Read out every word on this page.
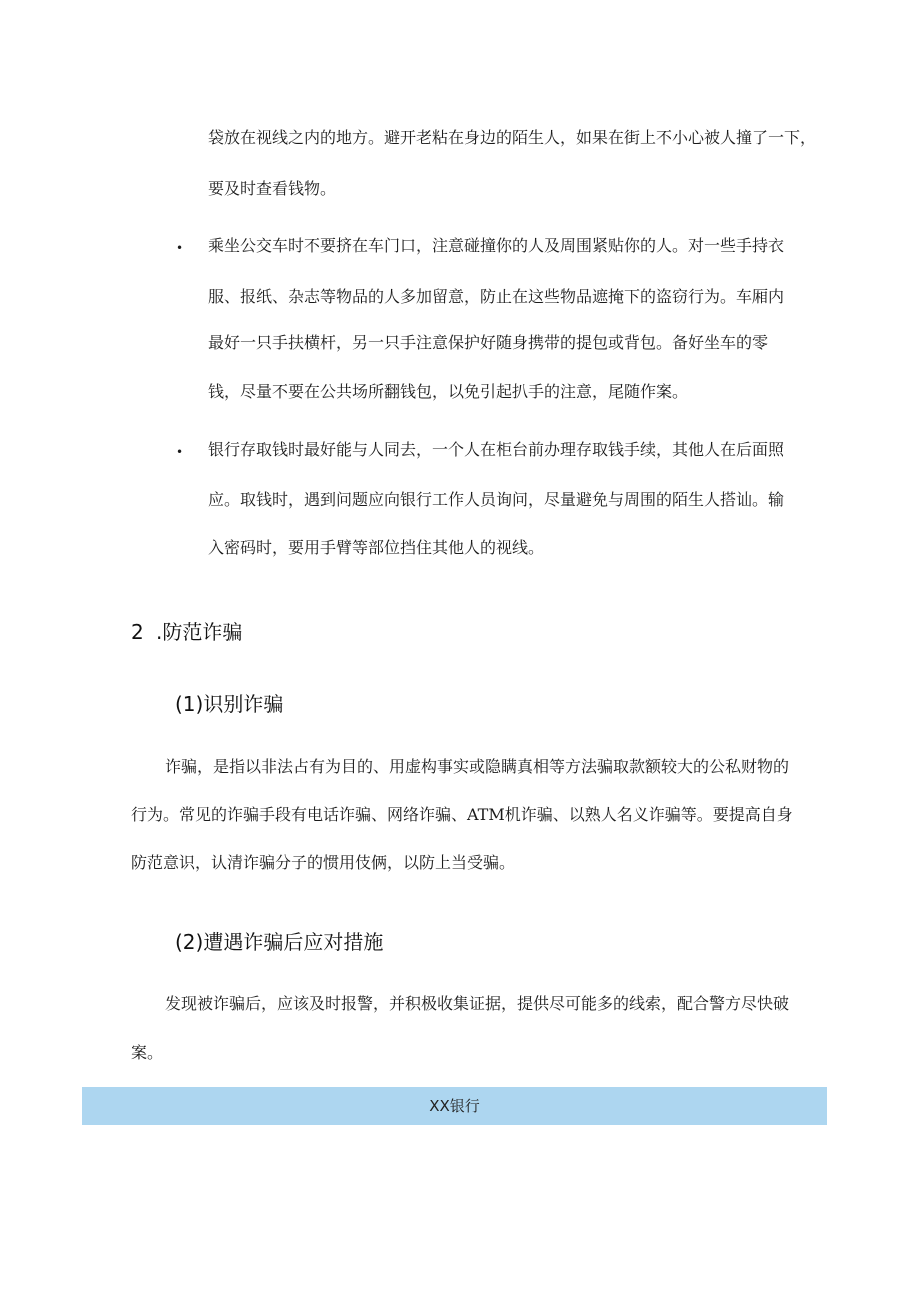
袋放在视线之内的地方。避开老粘在身边的陌生人，如果在街上不小心被人撞了一下，
要及时查看钱物。
• 乘坐公交车时不要挤在车门口，注意碰撞你的人及周围紧贴你的人。对一些手持衣
服、报纸、杂志等物品的人多加留意，防止在这些物品遮掩下的盗窃行为。车厢内
最好一只手扶横杆，另一只手注意保护好随身携带的提包或背包。备好坐车的零
钱，尽量不要在公共场所翻钱包，以免引起扒手的注意，尾随作案。
• 银行存取钱时最好能与人同去，一个人在柜台前办理存取钱手续，其他人在后面照
应。取钱时，遇到问题应向银行工作人员询问，尽量避免与周围的陌生人搭讪。输
入密码时，要用手臂等部位挡住其他人的视线。
2 .防范诈骗
(1)识别诈骗
诈骗，是指以非法占有为目的、用虚构事实或隐瞒真相等方法骗取款额较大的公私财物的
行为。常见的诈骗手段有电话诈骗、网络诈骗、ATM机诈骗、以熟人名义诈骗等。要提高自身
防范意识，认清诈骗分子的惯用伎俩，以防上当受骗。
(2)遭遇诈骗后应对措施
发现被诈骗后，应该及时报警，并积极收集证据，提供尽可能多的线索，配合警方尽快破
案。
XX银行
